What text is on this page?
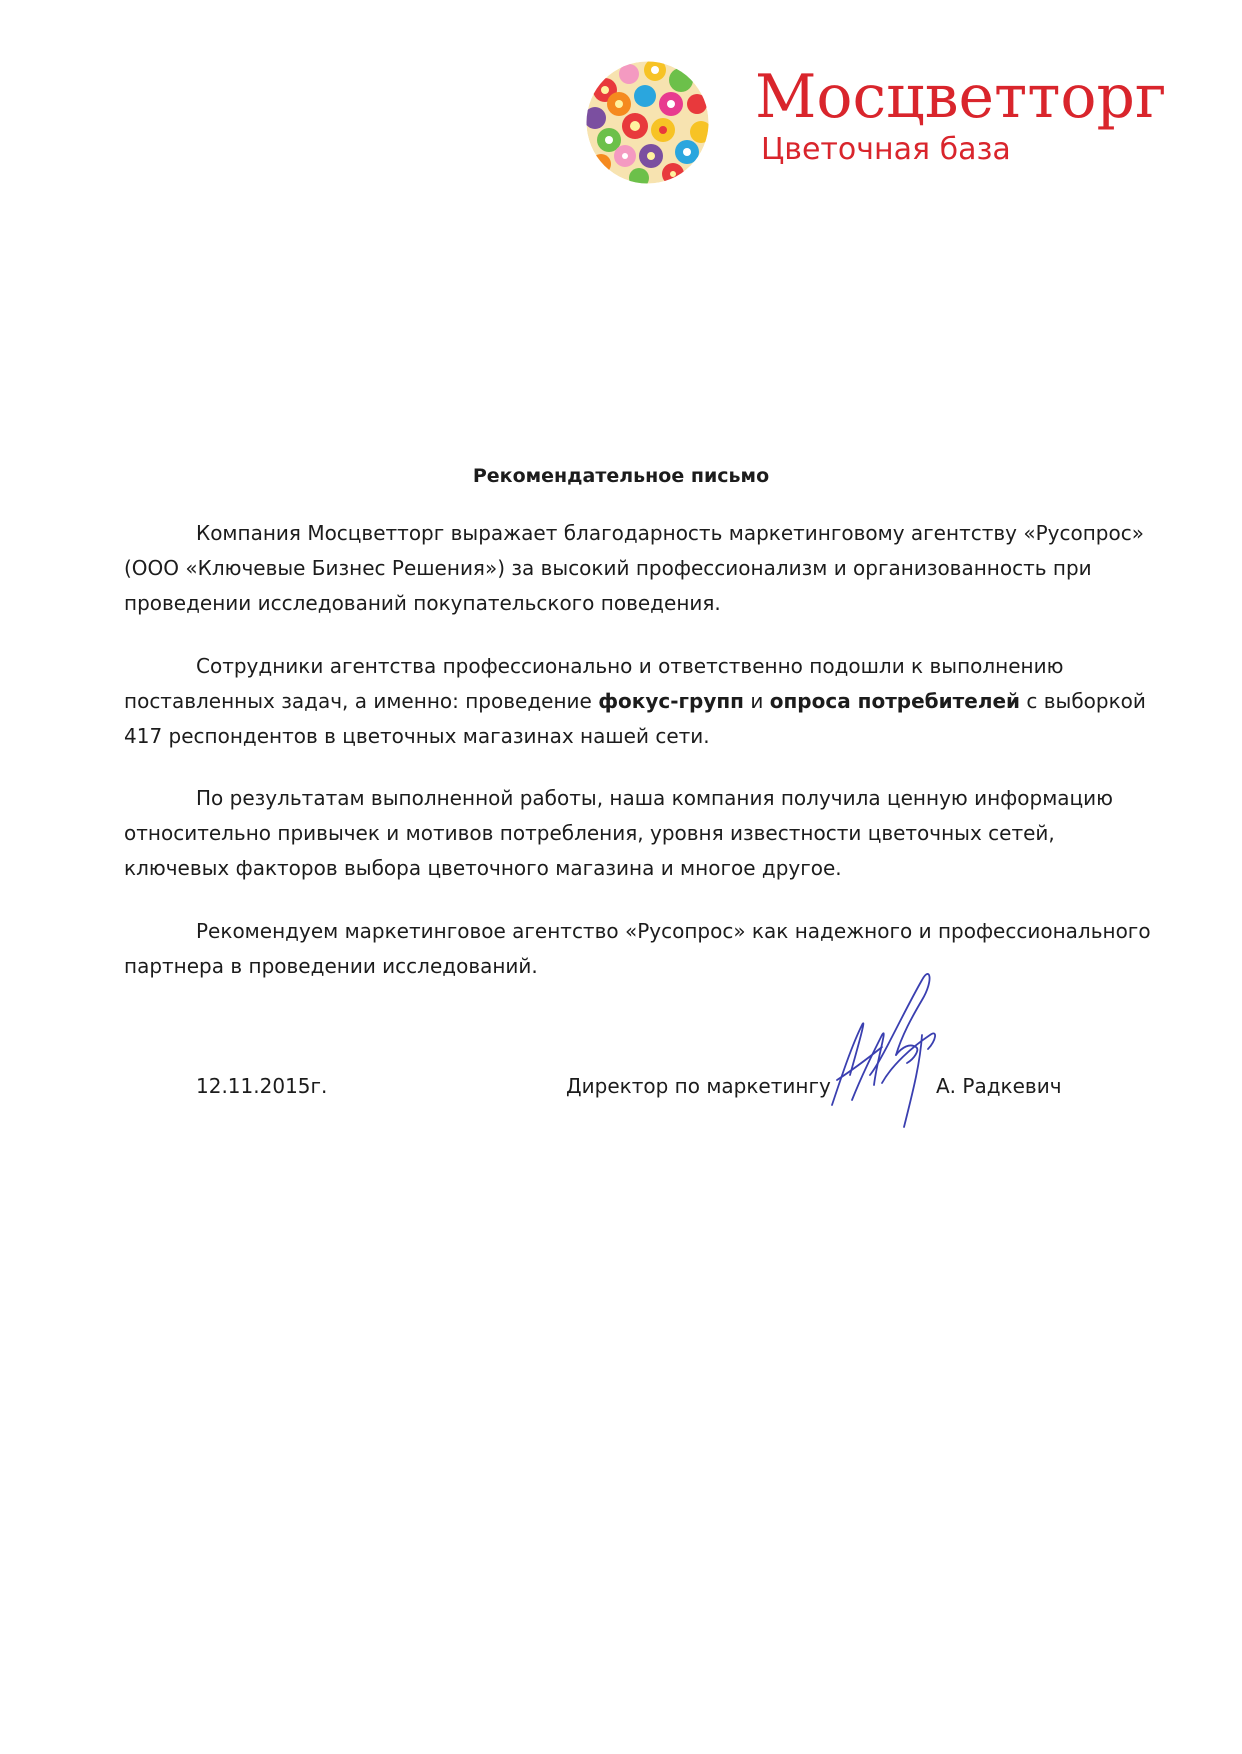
Мосцветторг
Цветочная база
Рекомендательное письмо
Компания Мосцветторг выражает благодарность маркетинговому агентству «Русопрос»
(ООО «Ключевые Бизнес Решения») за высокий профессионализм и организованность при
проведении исследований покупательского поведения.
Сотрудники агентства профессионально и ответственно подошли к выполнению
поставленных задач, а именно: проведение фокус-групп и опроса потребителей с выборкой
417 респондентов в цветочных магазинах нашей сети.
По результатам выполненной работы, наша компания получила ценную информацию
относительно привычек и мотивов потребления, уровня известности цветочных сетей,
ключевых факторов выбора цветочного магазина и многое другое.
Рекомендуем маркетинговое агентство «Русопрос» как надежного и профессионального
партнера в проведении исследований.
12.11.2015г.	Директор по маркетингу	А. Радкевич
